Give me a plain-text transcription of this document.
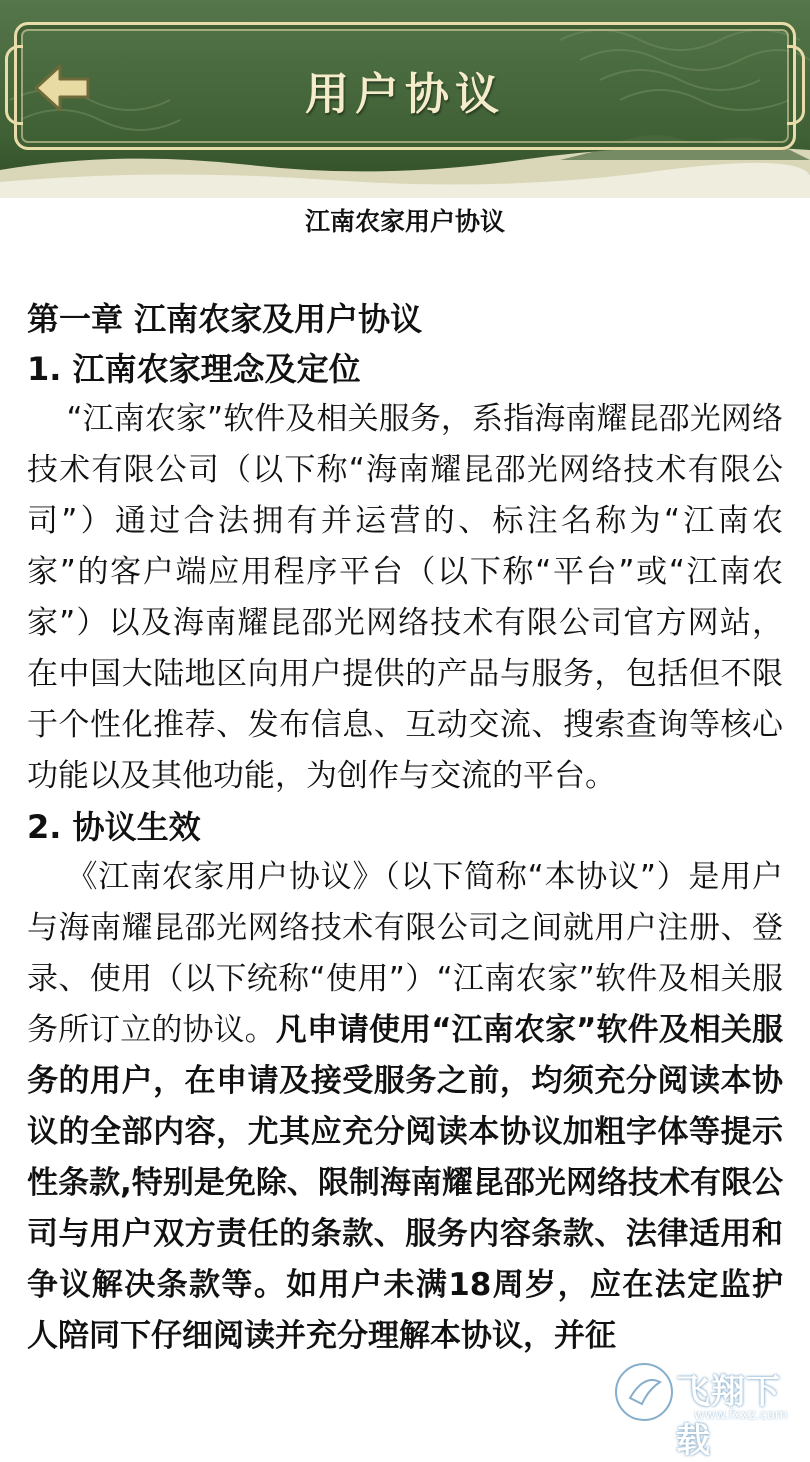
用户协议
江南农家用户协议

第一章 江南农家及用户协议

1. 江南农家理念及定位

“江南农家”软件及相关服务，系指海南耀昆邵光网络技术有限公司（以下称“海南耀昆邵光网络技术有限公司”）通过合法拥有并运营的、标注名称为“江南农家”的客户端应用程序平台（以下称“平台”或“江南农家”）以及海南耀昆邵光网络技术有限公司官方网站，在中国大陆地区向用户提供的产品与服务，包括但不限于个性化推荐、发布信息、互动交流、搜索查询等核心功能以及其他功能，为创作与交流的平台。

2. 协议生效

《江南农家用户协议》（以下简称“本协议”）是用户与海南耀昆邵光网络技术有限公司之间就用户注册、登录、使用（以下统称“使用”）“江南农家”软件及相关服务所订立的协议。凡申请使用“江南农家”软件及相关服务的用户，在申请及接受服务之前，均须充分阅读本协议的全部内容，尤其应充分阅读本协议加粗字体等提示性条款,特别是免除、限制海南耀昆邵光网络技术有限公司与用户双方责任的条款、服务内容条款、法律适用和争议解决条款等。如用户未满18周岁，应在法定监护人陪同下仔细阅读并充分理解本协议，并征

飞翔下载
www.fxxz.com
